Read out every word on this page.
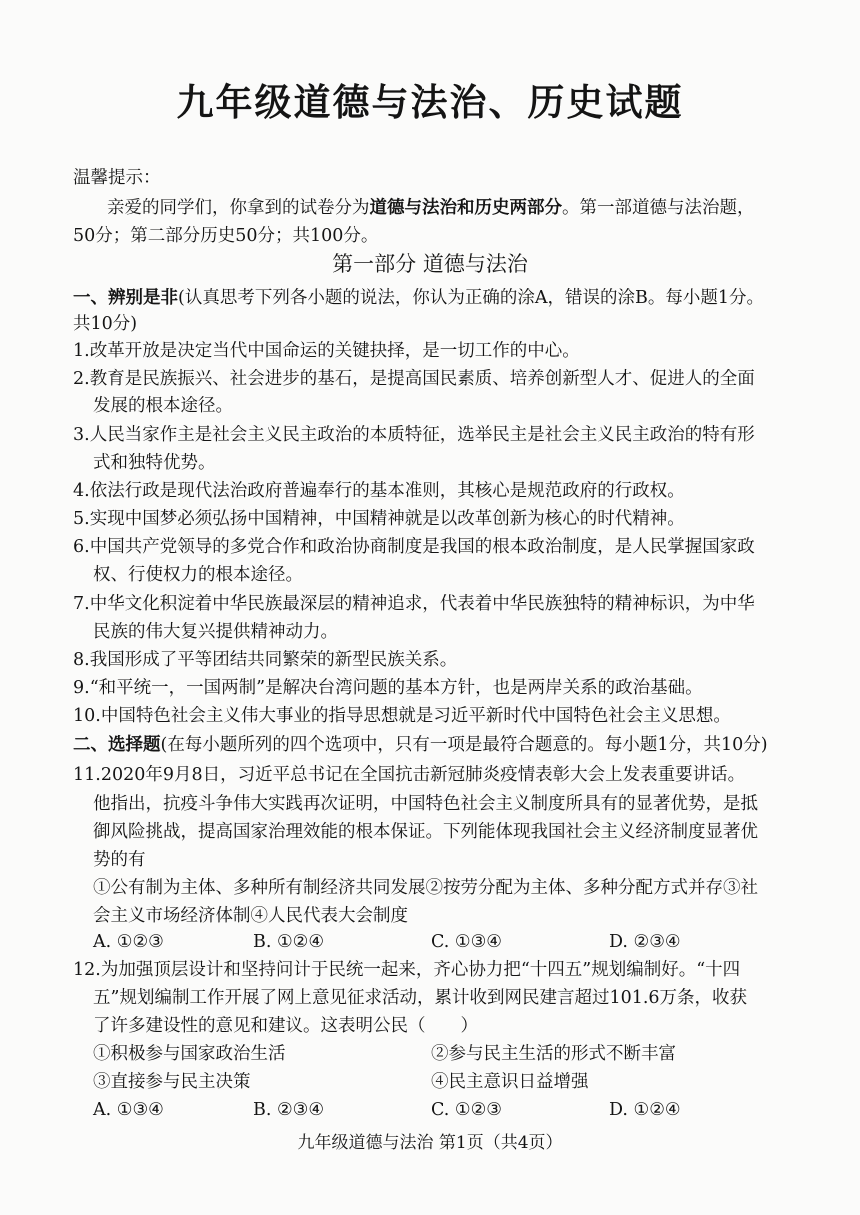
九年级道德与法治、历史试题
温馨提示：
亲爱的同学们，你拿到的试卷分为道德与法治和历史两部分。第一部道德与法治题，
50分；第二部分历史50分；共100分。
第一部分 道德与法治
一、辨别是非(认真思考下列各小题的说法，你认为正确的涂A，错误的涂B。每小题1分。
共10分)
1.改革开放是决定当代中国命运的关键抉择，是一切工作的中心。
2.教育是民族振兴、社会进步的基石，是提高国民素质、培养创新型人才、促进人的全面
发展的根本途径。
3.人民当家作主是社会主义民主政治的本质特征，选举民主是社会主义民主政治的特有形
式和独特优势。
4.依法行政是现代法治政府普遍奉行的基本准则，其核心是规范政府的行政权。
5.实现中国梦必须弘扬中国精神，中国精神就是以改革创新为核心的时代精神。
6.中国共产党领导的多党合作和政治协商制度是我国的根本政治制度，是人民掌握国家政
权、行使权力的根本途径。
7.中华文化积淀着中华民族最深层的精神追求，代表着中华民族独特的精神标识，为中华
民族的伟大复兴提供精神动力。
8.我国形成了平等团结共同繁荣的新型民族关系。
9.“和平统一，一国两制”是解决台湾问题的基本方针，也是两岸关系的政治基础。
10.中国特色社会主义伟大事业的指导思想就是习近平新时代中国特色社会主义思想。
二、选择题(在每小题所列的四个选项中，只有一项是最符合题意的。每小题1分，共10分)
11.2020年9月8日，习近平总书记在全国抗击新冠肺炎疫情表彰大会上发表重要讲话。
他指出，抗疫斗争伟大实践再次证明，中国特色社会主义制度所具有的显著优势，是抵
御风险挑战，提高国家治理效能的根本保证。下列能体现我国社会主义经济制度显著优
势的有
①公有制为主体、多种所有制经济共同发展②按劳分配为主体、多种分配方式并存③社
会主义市场经济体制④人民代表大会制度
A. ①②③	B. ①②④	C. ①③④	D. ②③④
12.为加强顶层设计和坚持问计于民统一起来，齐心协力把“十四五”规划编制好。“十四
五”规划编制工作开展了网上意见征求活动，累计收到网民建言超过101.6万条，收获
了许多建设性的意见和建议。这表明公民（　　）
①积极参与国家政治生活	②参与民主生活的形式不断丰富
③直接参与民主决策	④民主意识日益增强
A. ①③④	B. ②③④	C. ①②③	D. ①②④
九年级道德与法治 第1页（共4页）
